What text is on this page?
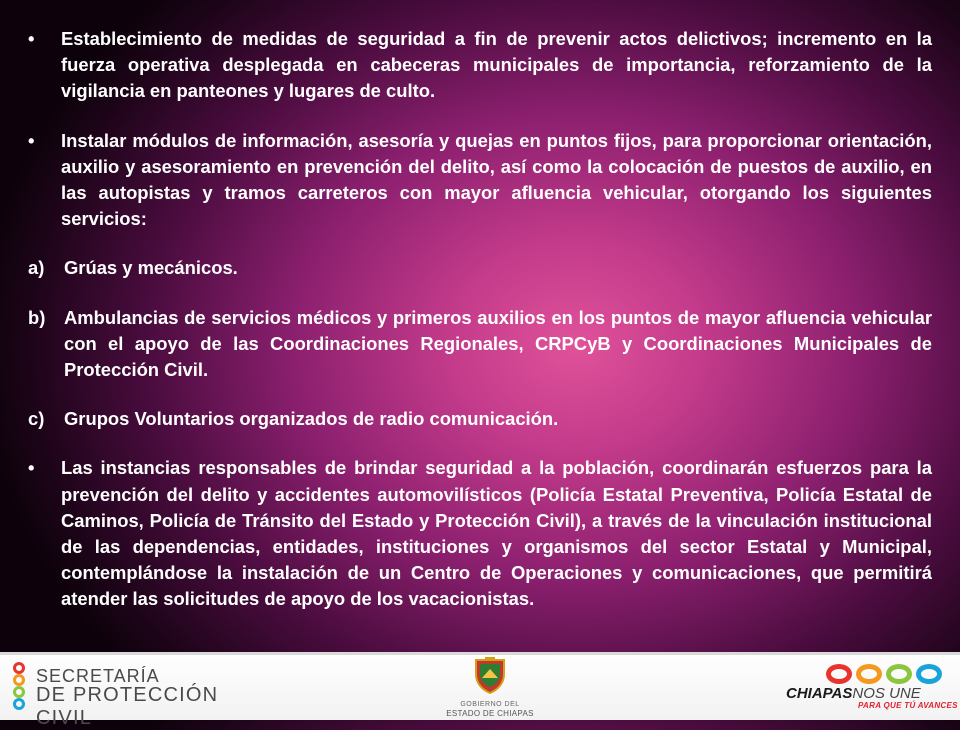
•	Establecimiento de medidas de seguridad a fin de prevenir actos delictivos; incremento en la fuerza operativa desplegada en cabeceras municipales de importancia, reforzamiento de la vigilancia en panteones y lugares de culto.
•	Instalar módulos de información, asesoría y quejas en puntos fijos, para proporcionar orientación, auxilio y asesoramiento en prevención del delito, así como la colocación de puestos de auxilio, en las autopistas y tramos carreteros con mayor afluencia vehicular, otorgando los siguientes servicios:
a)	Grúas y mecánicos.
b)	Ambulancias de servicios médicos y primeros auxilios en los puntos de mayor afluencia vehicular con el apoyo de las Coordinaciones Regionales, CRPCyB y Coordinaciones Municipales de Protección Civil.
c)	Grupos Voluntarios organizados de radio comunicación.
•	Las instancias responsables de brindar seguridad a la población, coordinarán esfuerzos para la prevención del delito y accidentes automovilísticos (Policía Estatal Preventiva, Policía Estatal de Caminos, Policía de Tránsito del Estado y Protección Civil), a través de la vinculación institucional de las dependencias, entidades, instituciones y organismos del sector Estatal y Municipal, contemplándose la instalación de un Centro de Operaciones y comunicaciones, que permitirá atender las solicitudes de apoyo de los vacacionistas.
SECRETARÍA
DE PROTECCIÓN CIVIL
GOBIERNO DEL
ESTADO DE CHIAPAS
CHIAPASNOS UNE
PARA QUE TÚ AVANCES
